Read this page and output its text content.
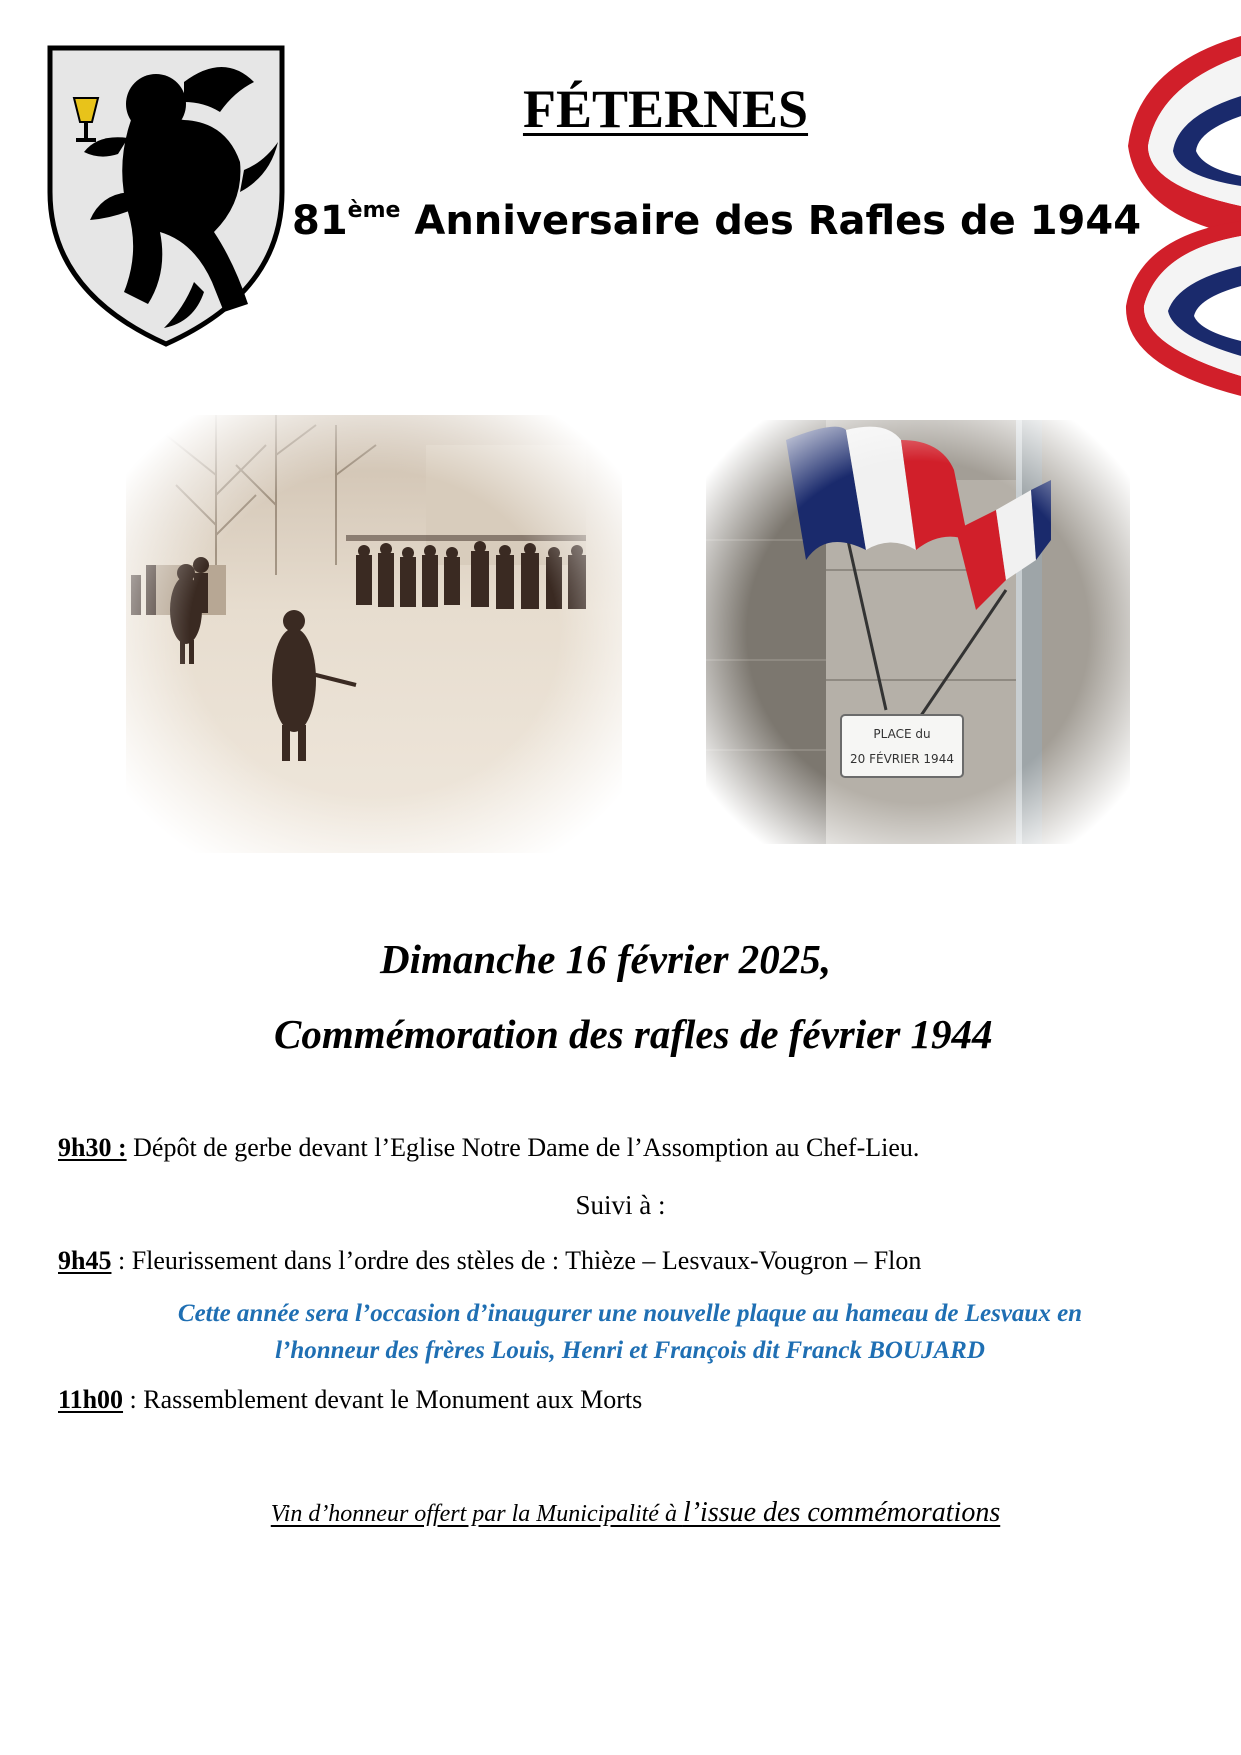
FÉTERNES
81ème Anniversaire des Rafles de 1944

Dimanche 16 février 2025,

Commémoration des rafles de février 1944

9h30 : Dépôt de gerbe devant l’Eglise Notre Dame de l’Assomption au Chef-Lieu.

Suivi à :

9h45 : Fleurissement dans l’ordre des stèles de : Thièze – Lesvaux-Vougron – Flon

Cette année sera l’occasion d’inaugurer une nouvelle plaque au hameau de Lesvaux en
l’honneur des frères Louis, Henri et François dit Franck BOUJARD

11h00 : Rassemblement devant le Monument aux Morts

Vin d’honneur offert par la Municipalité à l’issue des commémorations
